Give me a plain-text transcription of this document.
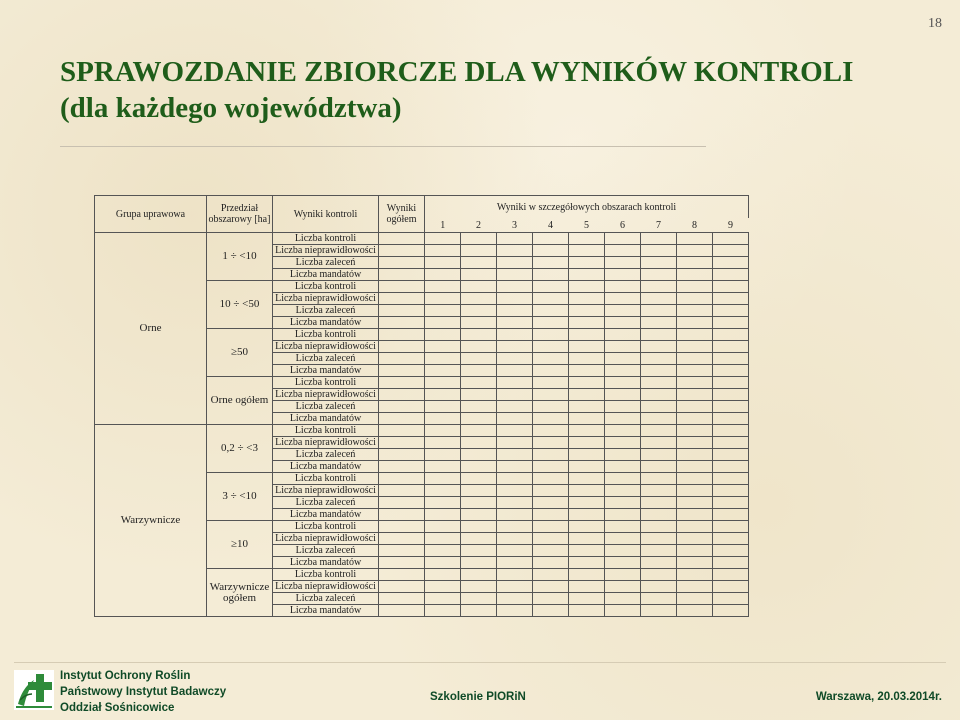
18
SPRAWOZDANIE ZBIORCZE DLA WYNIKÓW KONTROLI
(dla każdego województwa)
Grupa uprawowa	Przedział obszarowy [ha]	Wyniki kontroli	Wyniki ogółem	Wyniki w szczegółowych obszarach kontroli								
				1	2	3	4	5	6	7	8	9
Orne	1 ÷ <10	Liczba kontroli										
		Liczba nieprawidłowości										
		Liczba zaleceń										
		Liczba mandatów										
	10 ÷ <50	Liczba kontroli										
		Liczba nieprawidłowości										
		Liczba zaleceń										
		Liczba mandatów										
	≥50	Liczba kontroli										
		Liczba nieprawidłowości										
		Liczba zaleceń										
		Liczba mandatów										
	Orne ogółem	Liczba kontroli										
		Liczba nieprawidłowości										
		Liczba zaleceń										
		Liczba mandatów										
Warzywnicze	0,2 ÷ <3	Liczba kontroli										
		Liczba nieprawidłowości										
		Liczba zaleceń										
		Liczba mandatów										
	3 ÷ <10	Liczba kontroli										
		Liczba nieprawidłowości										
		Liczba zaleceń										
		Liczba mandatów										
	≥10	Liczba kontroli										
		Liczba nieprawidłowości										
		Liczba zaleceń										
		Liczba mandatów										
	Warzywnicze ogółem	Liczba kontroli										
		Liczba nieprawidłowości										
		Liczba zaleceń										
		Liczba mandatów										
Instytut Ochrony Roślin
Państwowy Instytut Badawczy
Oddział Sośnicowice
Szkolenie PIORiN	Warszawa, 20.03.2014r.
